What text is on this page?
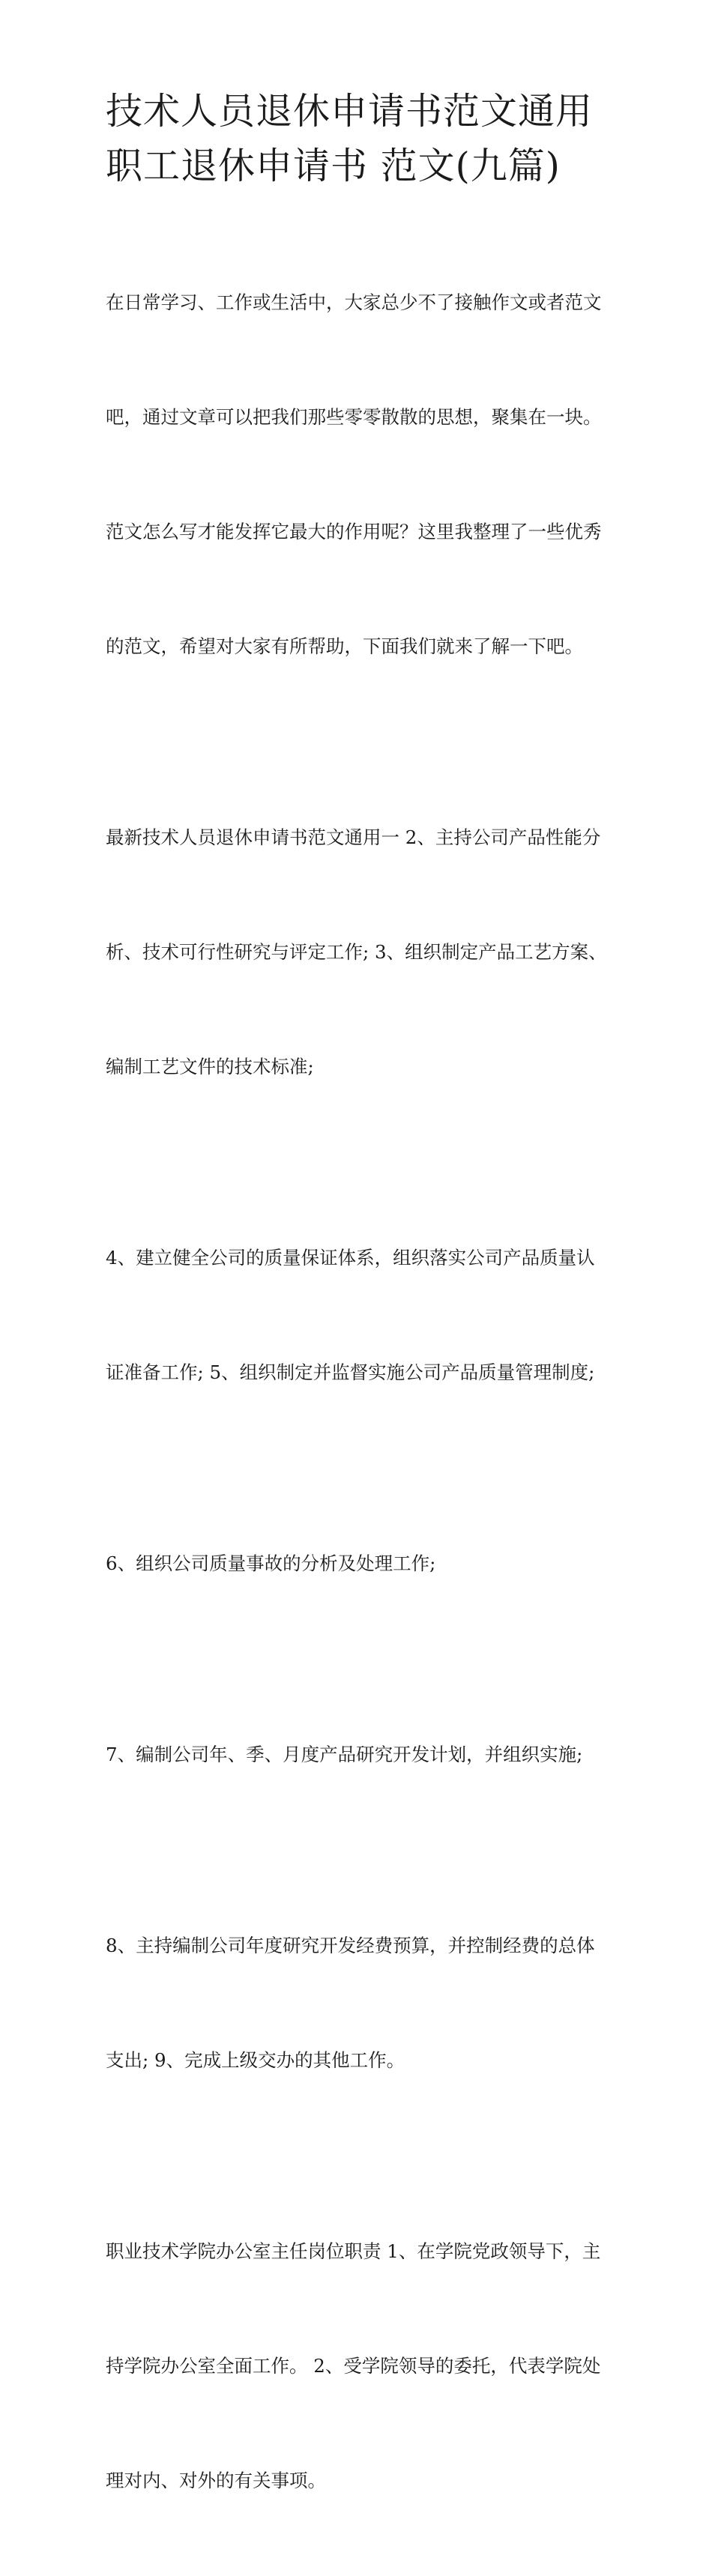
技术人员退休申请书范文通用
职工退休申请书 范文(九篇)

在日常学习、工作或生活中，大家总少不了接触作文或者范文

吧，通过文章可以把我们那些零零散散的思想，聚集在一块。

范文怎么写才能发挥它最大的作用呢？这里我整理了一些优秀

的范文，希望对大家有所帮助，下面我们就来了解一下吧。

最新技术人员退休申请书范文通用一 2、主持公司产品性能分

析、技术可行性研究与评定工作; 3、组织制定产品工艺方案、

编制工艺文件的技术标准;

4、建立健全公司的质量保证体系，组织落实公司产品质量认

证准备工作; 5、组织制定并监督实施公司产品质量管理制度;

6、组织公司质量事故的分析及处理工作;

7、编制公司年、季、月度产品研究开发计划，并组织实施;

8、主持编制公司年度研究开发经费预算，并控制经费的总体

支出; 9、完成上级交办的其他工作。

职业技术学院办公室主任岗位职责 1、在学院党政领导下，主

持学院办公室全面工作。 2、受学院领导的委托，代表学院处

理对内、对外的有关事项。
